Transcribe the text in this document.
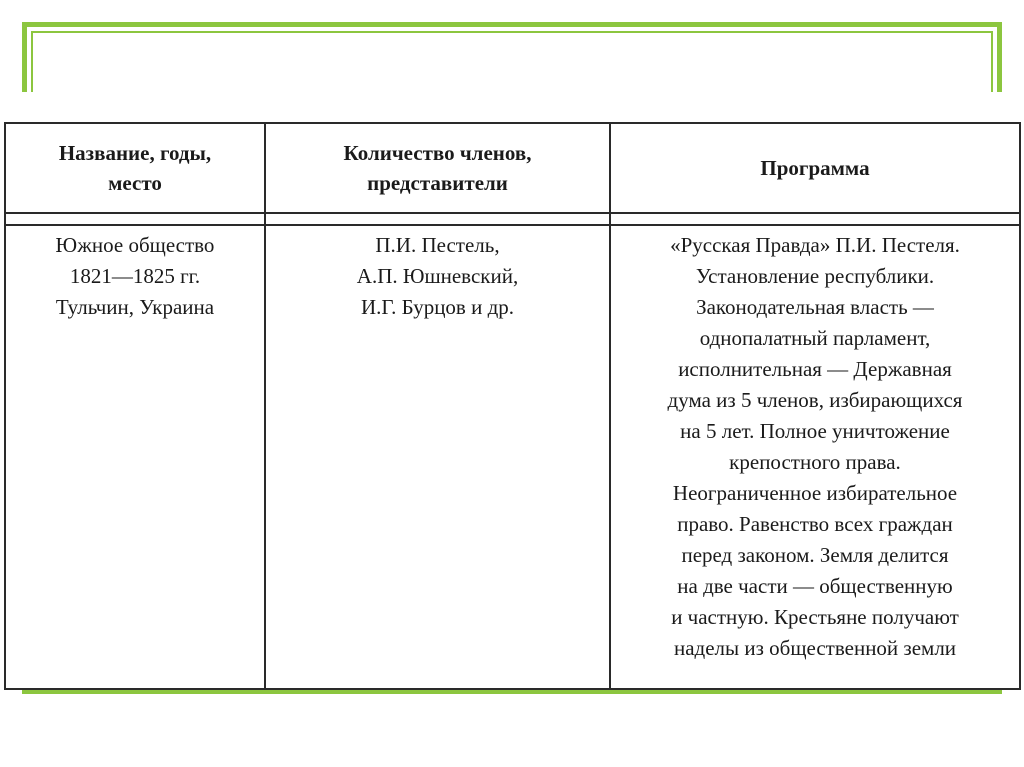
Название, годы,
место
Количество членов,
представители
Программа
Южное общество
1821—1825 гг.
Тульчин, Украина
П.И. Пестель,
А.П. Юшневский,
И.Г. Бурцов и др.
«Русская Правда» П.И. Пестеля.
Установление республики.
Законодательная власть —
однопалатный парламент,
исполнительная — Державная
дума из 5 членов, избирающихся
на 5 лет. Полное уничтожение
крепостного права.
Неограниченное избирательное
право. Равенство всех граждан
перед законом. Земля делится
на две части — общественную
и частную. Крестьяне получают
наделы из общественной земли
